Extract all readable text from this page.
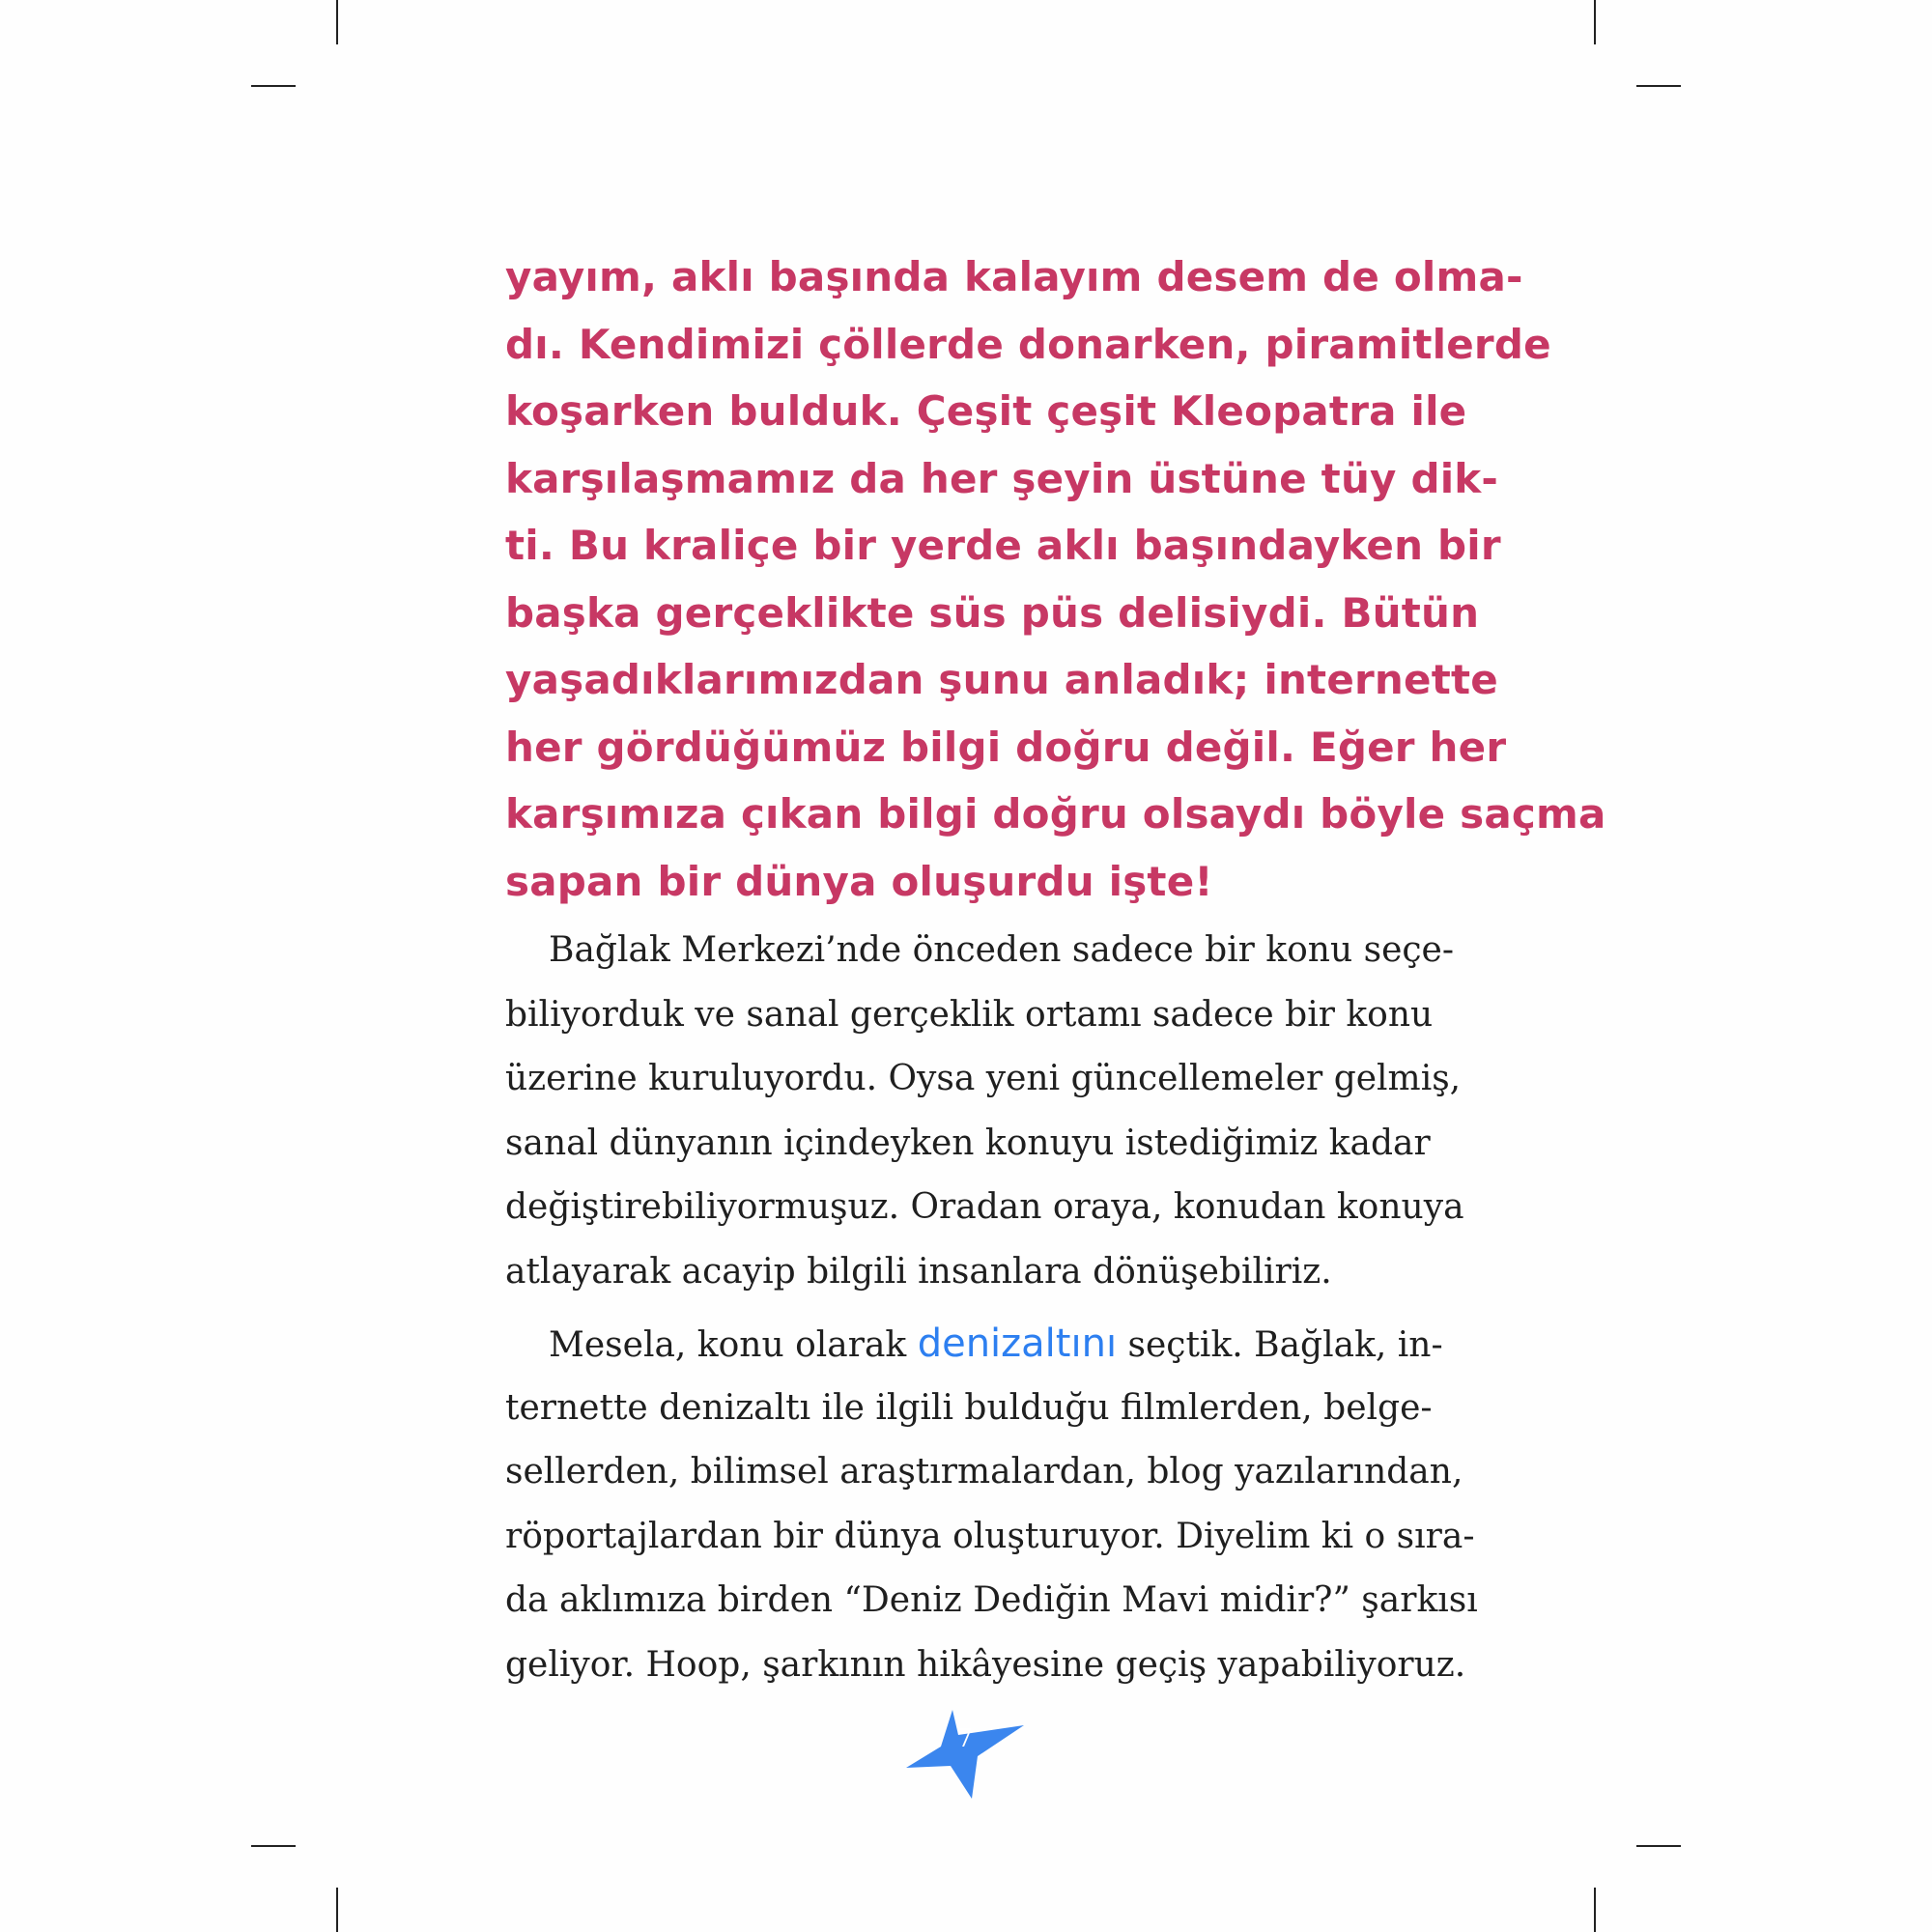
yayım, aklı başında kalayım desem de olma-
dı. Kendimizi çöllerde donarken, piramitlerde
koşarken bulduk. Çeşit çeşit Kleopatra ile
karşılaşmamız da her şeyin üstüne tüy dik-
ti. Bu kraliçe bir yerde aklı başındayken bir
başka gerçeklikte süs püs delisiydi. Bütün
yaşadıklarımızdan şunu anladık; internette
her gördüğümüz bilgi doğru değil. Eğer her
karşımıza çıkan bilgi doğru olsaydı böyle saçma
sapan bir dünya oluşurdu işte!
Bağlak Merkezi’nde önceden sadece bir konu seçe-
biliyorduk ve sanal gerçeklik ortamı sadece bir konu
üzerine kuruluyordu. Oysa yeni güncellemeler gelmiş,
sanal dünyanın içindeyken konuyu istediğimiz kadar
değiştirebiliyormuşuz. Oradan oraya, konudan konuya
atlayarak acayip bilgili insanlara dönüşebiliriz.
Mesela, konu olarak denizaltını seçtik. Bağlak, in-
ternette denizaltı ile ilgili bulduğu filmlerden, belge-
sellerden, bilimsel araştırmalardan, blog yazılarından,
röportajlardan bir dünya oluşturuyor. Diyelim ki o sıra-
da aklımıza birden “Deniz Dediğin Mavi midir?” şarkısı
geliyor. Hoop, şarkının hikâyesine geçiş yapabiliyoruz.
7
